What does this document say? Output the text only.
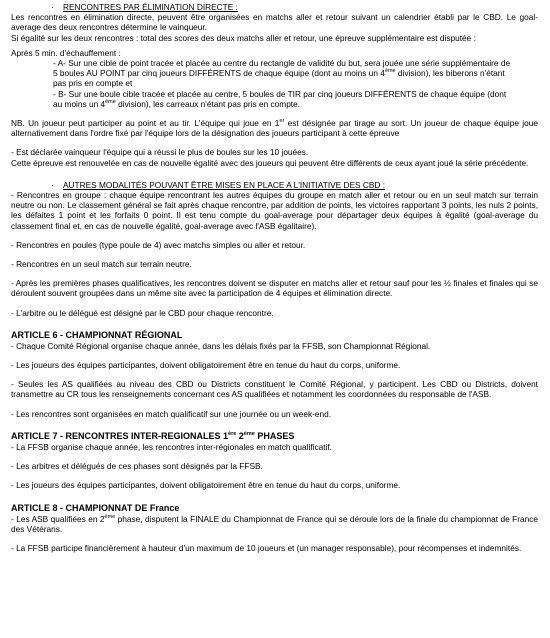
· RENCONTRES PAR ÉLIMINATION DIRECTE :

Les rencontres en élimination directe, peuvent être organisées en matchs aller et retour suivant un calendrier établi par le CBD. Le goal-average des deux rencontres détermine le vainqueur.

Si égalité sur les deux rencontres : total des scores des deux matchs aller et retour, une épreuve supplémentaire est disputée :

Après 5 min. d'échauffement :

- A- Sur une cible de point tracée et placée au centre du rectangle de validité du but, sera jouée une série supplémentaire de

5 boules AU POINT par cinq joueurs DIFFÉRENTS de chaque équipe (dont au moins un 4ème division), les biberons n'étant

pas pris en compte et

- B- Sur une boule cible tracée et placée au centre, 5 boules de TIR par cinq joueurs DIFFÉRENTS de chaque équipe (dont

au moins un 4ème division), les carreaux n'étant pas pris en compte.

NB. Un joueur peut participer au point et au tir. L'équipe qui joue en 1er est désignée par tirage au sort. Un joueur de chaque équipe joue alternativement dans l'ordre fixé par l'équipe lors de la désignation des joueurs participant à cette épreuve

- Est déclarée vainqueur l'équipe qui a réussi le plus de boules sur les 10 jouées.

Cette épreuve est renouvelée en cas de nouvelle égalité avec des joueurs qui peuvent être différents de ceux ayant joué la série précédente.

· AUTRES MODALITÉS POUVANT ÊTRE MISES EN PLACE A L'INITIATIVE DES CBD :

- Rencontres en groupe : chaque équipe rencontrant les autres équipes du groupe en match aller et retour ou en un seul match sur terrain neutre ou non. Le classement général se fait après chaque rencontre, par addition de points, les victoires rapportant 3 points, les nuls 2 points, les défaites 1 point et les forfaits 0 point. Il est tenu compte du goal-average pour départager deux équipes à égalité (goal-average du classement final et, en cas de nouvelle égalité, goal-average avec l'ASB égalitaire).

- Rencontres en poules (type poule de 4) avec matchs simples ou aller et retour.

- Rencontres en un seul match sur terrain neutre.

- Après les premières phases qualificatives, les rencontres doivent se disputer en matchs aller et retour sauf pour les ½ finales et finales qui se déroulent souvent groupées dans un même site avec la participation de 4 équipes et élimination directe.

- L'arbitre ou le délégué est désigné par le CBD pour chaque rencontre.

ARTICLE 6 - CHAMPIONNAT RÉGIONAL

- Chaque Comité Régional organise chaque année, dans les délais fixés par la FFSB, son Championnat Régional.

- Les joueurs des équipes participantes, doivent obligatoirement être en tenue du haut du corps, uniforme.

- Seules les AS qualifiées au niveau des CBD ou Districts constituent le Comité Régional, y participent. Les CBD ou Districts, doivent transmettre au CR tous les renseignements concernant ces AS qualifiées et notamment les coordonnées du responsable de l'ASB.

- Les rencontres sont organisées en match qualificatif sur une journée ou un week-end.

ARTICLE 7 - RENCONTRES INTER-REGIONALES 1ère 2ème PHASES

- La FFSB organise chaque année, les rencontres inter-régionales en match qualificatif.

- Les arbitres et délégués de ces phases sont désignés par la FFSB.

- Les joueurs des équipes participantes, doivent obligatoirement être en tenue du haut du corps, uniforme.

ARTICLE 8 - CHAMPIONNAT DE France

- Les ASB qualifiées en 2ème phase, disputent la FINALE du Championnat de France qui se déroule lors de la finale du championnat de France des Vétérans.

- La FFSB participe financièrement à hauteur d'un maximum de 10 joueurs et (un manager responsable), pour récompenses et indemnités.
